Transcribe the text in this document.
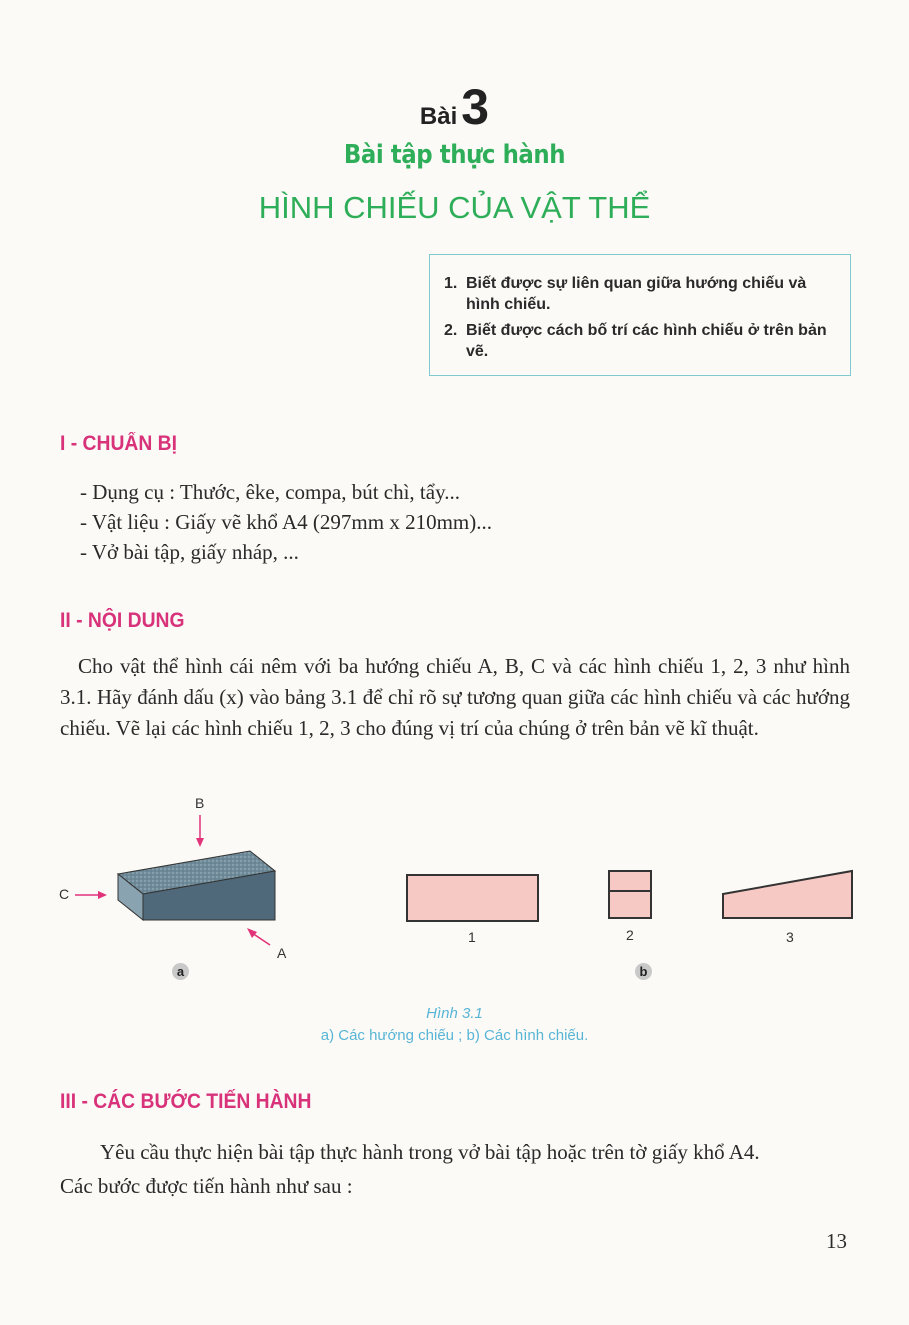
Bài3
Bài tập thực hành
HÌNH CHIẾU CỦA VẬT THỂ
1. Biết được sự liên quan giữa hướng chiếu và hình chiếu.
2. Biết được cách bố trí các hình chiếu ở trên bản vẽ.
I - CHUẨN BỊ
- Dụng cụ : Thước, êke, compa, bút chì, tẩy...
- Vật liệu : Giấy vẽ khổ A4 (297mm x 210mm)...
- Vở bài tập, giấy nháp, ...
II - NỘI DUNG
Cho vật thể hình cái nêm với ba hướng chiếu A, B, C và các hình chiếu 1, 2, 3 như hình 3.1. Hãy đánh dấu (x) vào bảng 3.1 để chỉ rõ sự tương quan giữa các hình chiếu và các hướng chiếu. Vẽ lại các hình chiếu 1, 2, 3 cho đúng vị trí của chúng ở trên bản vẽ kĩ thuật.
B
C
A
1	2	3
a	b
Hình 3.1
a) Các hướng chiếu ; b) Các hình chiếu.
III - CÁC BƯỚC TIẾN HÀNH
Yêu cầu thực hiện bài tập thực hành trong vở bài tập hoặc trên tờ giấy khổ A4.
Các bước được tiến hành như sau :
13
